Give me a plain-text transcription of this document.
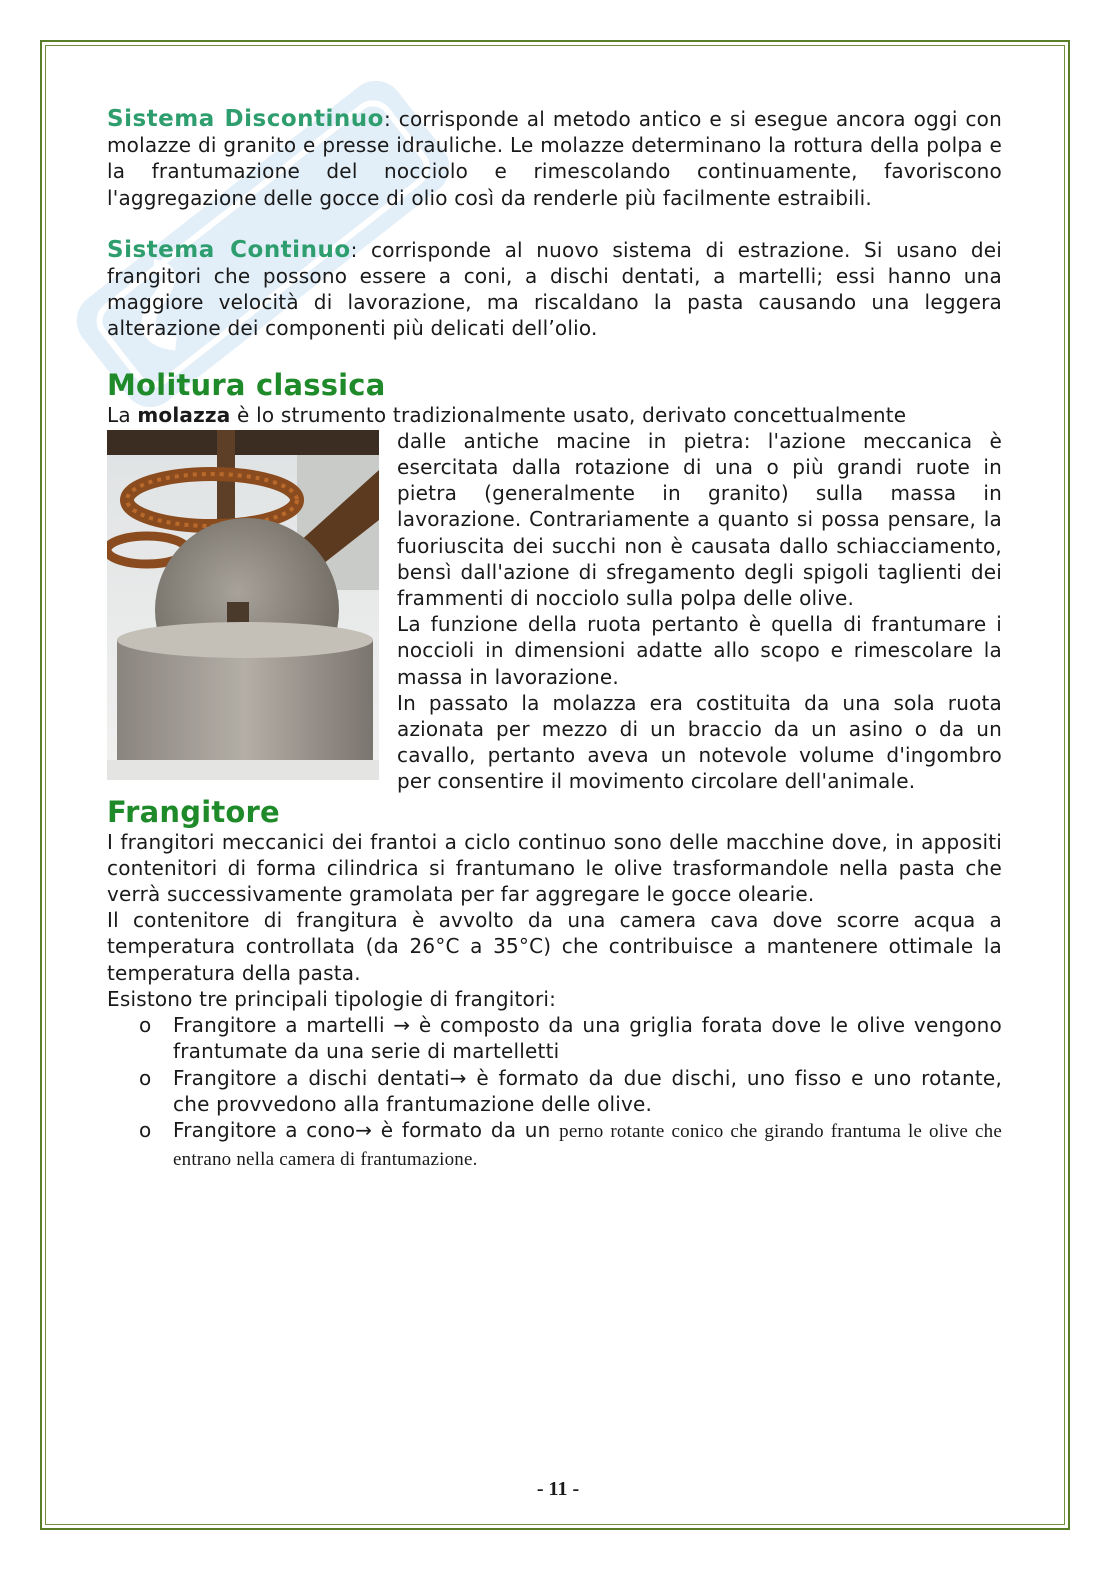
Sistema Discontinuo: corrisponde al metodo antico e si esegue ancora oggi con molazze di granito e presse idrauliche. Le molazze determinano la rottura della polpa e la frantumazione del nocciolo e rimescolando continuamente, favoriscono l'aggregazione delle gocce di olio così da renderle più facilmente estraibili.

Sistema Continuo: corrisponde al nuovo sistema di estrazione. Si usano dei frangitori che possono essere a coni, a dischi dentati, a martelli; essi hanno una maggiore velocità di lavorazione, ma riscaldano la pasta causando una leggera alterazione dei componenti più delicati dell’olio.

Molitura classica

La molazza è lo strumento tradizionalmente usato, derivato concettualmente

dalle antiche macine in pietra: l'azione meccanica è esercitata dalla rotazione di una o più grandi ruote in pietra (generalmente in granito) sulla massa in lavorazione. Contrariamente a quanto si possa pensare, la fuoriuscita dei succhi non è causata dallo schiacciamento, bensì dall'azione di sfregamento degli spigoli taglienti dei frammenti di nocciolo sulla polpa delle olive.

La funzione della ruota pertanto è quella di frantumare i noccioli in dimensioni adatte allo scopo e rimescolare la massa in lavorazione.

In passato la molazza era costituita da una sola ruota azionata per mezzo di un braccio da un asino o da un cavallo, pertanto aveva un notevole volume d'ingombro per consentire il movimento circolare dell'animale.

Frangitore

I frangitori meccanici dei frantoi a ciclo continuo sono delle macchine dove, in appositi contenitori di forma cilindrica si frantumano le olive trasformandole nella pasta che verrà successivamente gramolata per far aggregare le gocce olearie.

Il contenitore di frangitura è avvolto da una camera cava dove scorre acqua a temperatura controllata (da 26°C a 35°C) che contribuisce a mantenere ottimale la temperatura della pasta.

Esistono tre principali tipologie di frangitori:

o Frangitore a martelli → è composto da una griglia forata dove le olive vengono frantumate da una serie di martelletti
o Frangitore a dischi dentati→ è formato da due dischi, uno fisso e uno rotante, che provvedono alla frantumazione delle olive.
o Frangitore a cono→ è formato da un perno rotante conico che girando frantuma le olive che entrano nella camera di frantumazione.
- 11 -
